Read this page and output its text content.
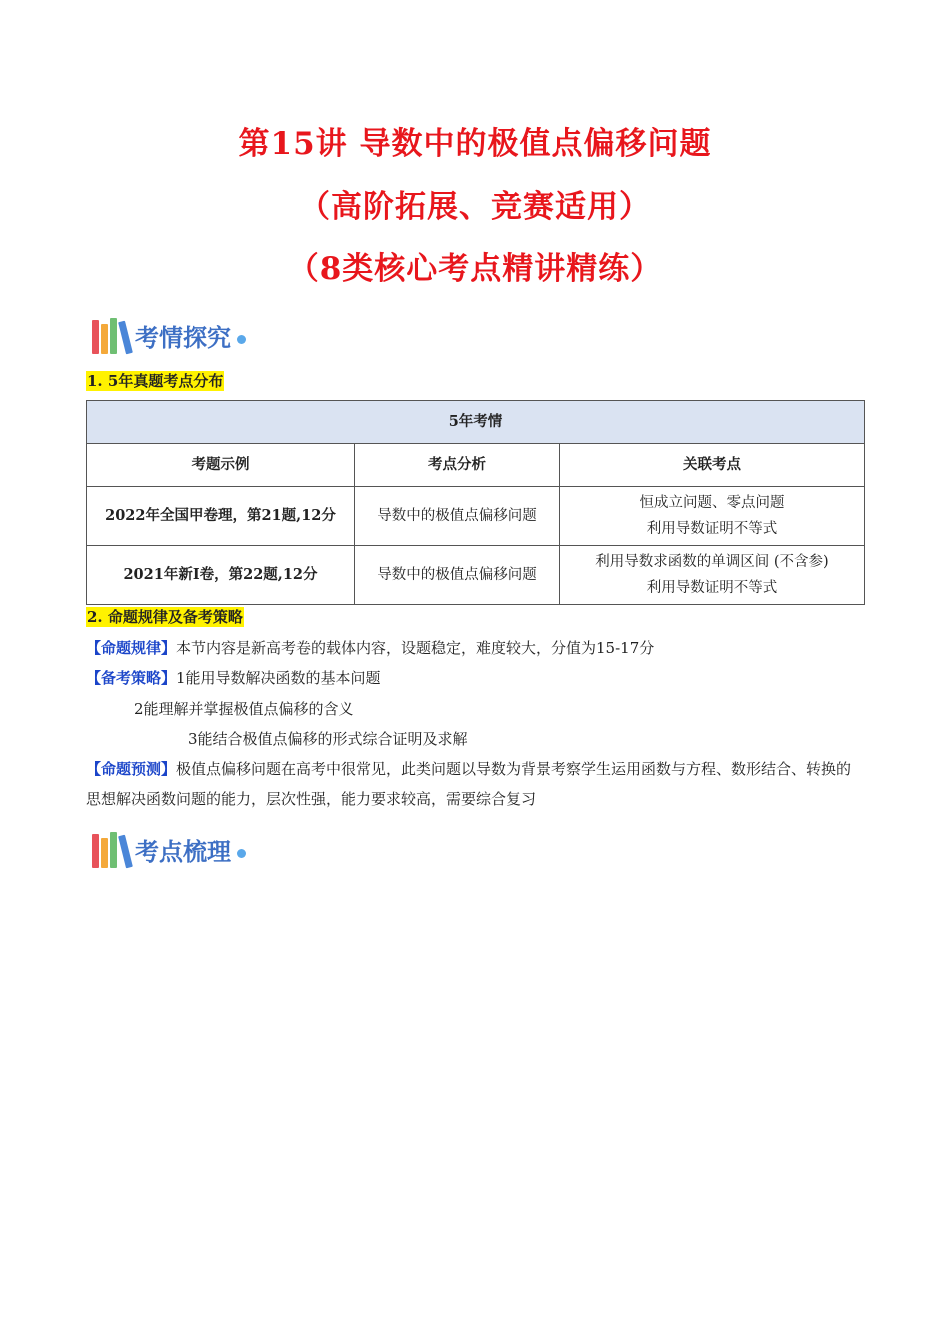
第15讲 导数中的极值点偏移问题
（高阶拓展、竞赛适用）
（8类核心考点精讲精练）
考情探究
1. 5年真题考点分布
5年考情		
考题示例	考点分析	关联考点
2022年全国甲卷理，第21题,12分	导数中的极值点偏移问题	恒成立问题、零点问题
利用导数证明不等式

2021年新I卷，第22题,12分	导数中的极值点偏移问题	利用导数求函数的单调区间 (不含参)
利用导数证明不等式
2. 命题规律及备考策略
【命题规律】本节内容是新高考卷的载体内容，设题稳定，难度较大，分值为15-17分
【备考策略】1能用导数解决函数的基本问题
2能理解并掌握极值点偏移的含义
3能结合极值点偏移的形式综合证明及求解
【命题预测】极值点偏移问题在高考中很常见，此类问题以导数为背景考察学生运用函数与方程、数形结合、转换的思想解决函数问题的能力，层次性强，能力要求较高，需要综合复习
考点梳理
